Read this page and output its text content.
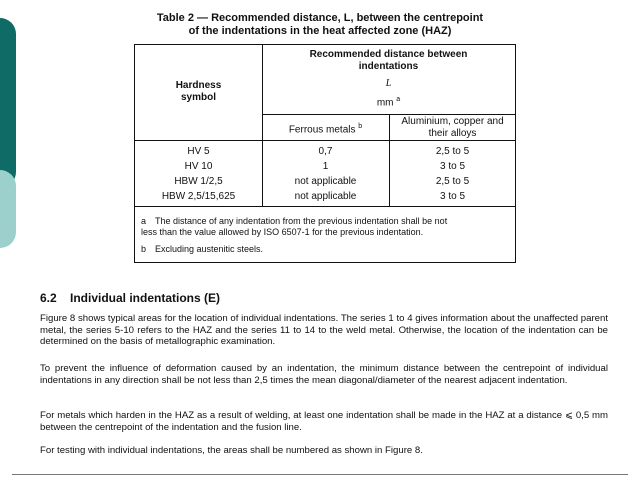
Table 2 — Recommended distance, L, between the centrepoint
of the indentations in the heat affected zone (HAZ)
Hardness
symbol
Recommended distance between
indentations
L
mm $^a$
Ferrous metals $^b$	Aluminium, copper and
their alloys
HV 5	0,7	2,5 to 5
HV 10	1	3 to 5
HBW 1/2,5	not applicable	2,5 to 5
HBW 2,5/15,625	not applicable	3 to 5
a The distance of any indentation from the previous indentation shall be not
less than the value allowed by ISO 6507-1 for the previous indentation.
b Excluding austenitic steels.
6.2 Individual indentations (E)
Figure 8 shows typical areas for the location of individual indentations. The series 1 to 4 gives information about the unaffected parent metal, the series 5-10 refers to the HAZ and the series 11 to 14 to the weld metal. Otherwise, the location of the indentation can be determined on the basis of metallographic examination.
To prevent the influence of deformation caused by an indentation, the minimum distance between the centrepoint of individual indentations in any direction shall be not less than 2,5 times the mean diagonal/diameter of the nearest adjacent indentation.
For metals which harden in the HAZ as a result of welding, at least one indentation shall be made in the HAZ at a distance ⩽ 0,5 mm between the centrepoint of the indentation and the fusion line.
For testing with individual indentations, the areas shall be numbered as shown in Figure 8.
